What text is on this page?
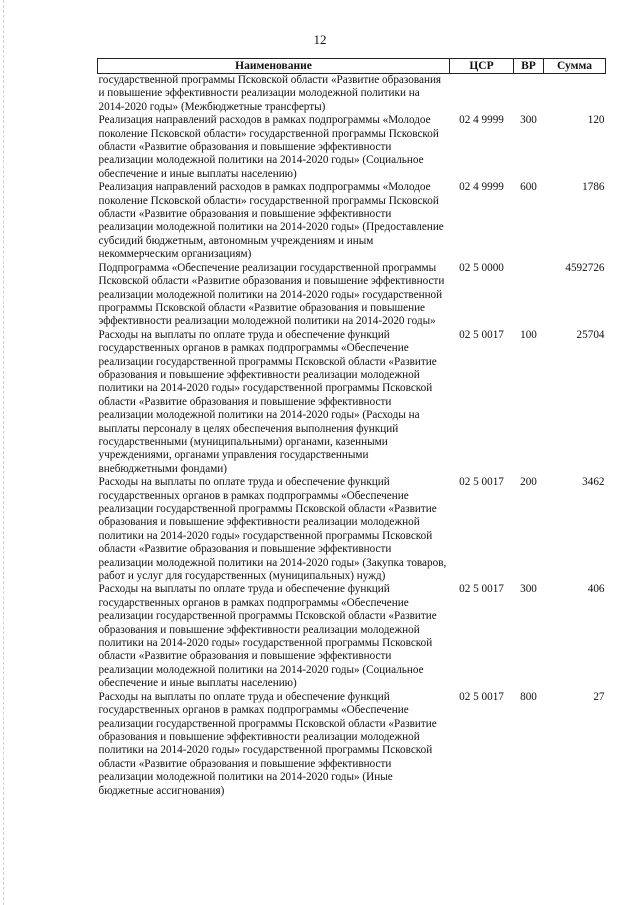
12
Наименование	ЦСР	ВР	Сумма
государственной программы Псковской области «Развитие образования и повышение эффективности реализации молодежной политики на 2014-2020 годы» (Межбюджетные трансферты)			
Реализация направлений расходов в рамках подпрограммы «Молодое поколение Псковской области» государственной программы Псковской области «Развитие образования и повышение эффективности реализации молодежной политики на 2014-2020 годы» (Социальное обеспечение и иные выплаты населению)	02 4 9999	300	120
Реализация направлений расходов в рамках подпрограммы «Молодое поколение Псковской области» государственной программы Псковской области «Развитие образования и повышение эффективности реализации молодежной политики на 2014-2020 годы» (Предоставление субсидий бюджетным, автономным учреждениям и иным некоммерческим организациям)	02 4 9999	600	1786
Подпрограмма «Обеспечение реализации государственной программы Псковской области «Развитие образования и повышение эффективности реализации молодежной политики на 2014-2020 годы» государственной программы Псковской области «Развитие образования и повышение эффективности реализации молодежной политики на 2014-2020 годы»	02 5 0000		4592726
Расходы на выплаты по оплате труда и обеспечение функций государственных органов в рамках подпрограммы «Обеспечение реализации государственной программы Псковской области «Развитие образования и повышение эффективности реализации молодежной политики на 2014-2020 годы» государственной программы Псковской области «Развитие образования и повышение эффективности реализации молодежной политики на 2014-2020 годы» (Расходы на выплаты персоналу в целях обеспечения выполнения функций государственными (муниципальными) органами, казенными учреждениями, органами управления государственными внебюджетными фондами)	02 5 0017	100	25704
Расходы на выплаты по оплате труда и обеспечение функций государственных органов в рамках подпрограммы «Обеспечение реализации государственной программы Псковской области «Развитие образования и повышение эффективности реализации молодежной политики на 2014-2020 годы» государственной программы Псковской области «Развитие образования и повышение эффективности реализации молодежной политики на 2014-2020 годы» (Закупка товаров, работ и услуг для государственных (муниципальных) нужд)	02 5 0017	200	3462
Расходы на выплаты по оплате труда и обеспечение функций государственных органов в рамках подпрограммы «Обеспечение реализации государственной программы Псковской области «Развитие образования и повышение эффективности реализации молодежной политики на 2014-2020 годы» государственной программы Псковской области «Развитие образования и повышение эффективности реализации молодежной политики на 2014-2020 годы» (Социальное обеспечение и иные выплаты населению)	02 5 0017	300	406
Расходы на выплаты по оплате труда и обеспечение функций государственных органов в рамках подпрограммы «Обеспечение реализации государственной программы Псковской области «Развитие образования и повышение эффективности реализации молодежной политики на 2014-2020 годы» государственной программы Псковской области «Развитие образования и повышение эффективности реализации молодежной политики на 2014-2020 годы» (Иные бюджетные ассигнования)	02 5 0017	800	27
